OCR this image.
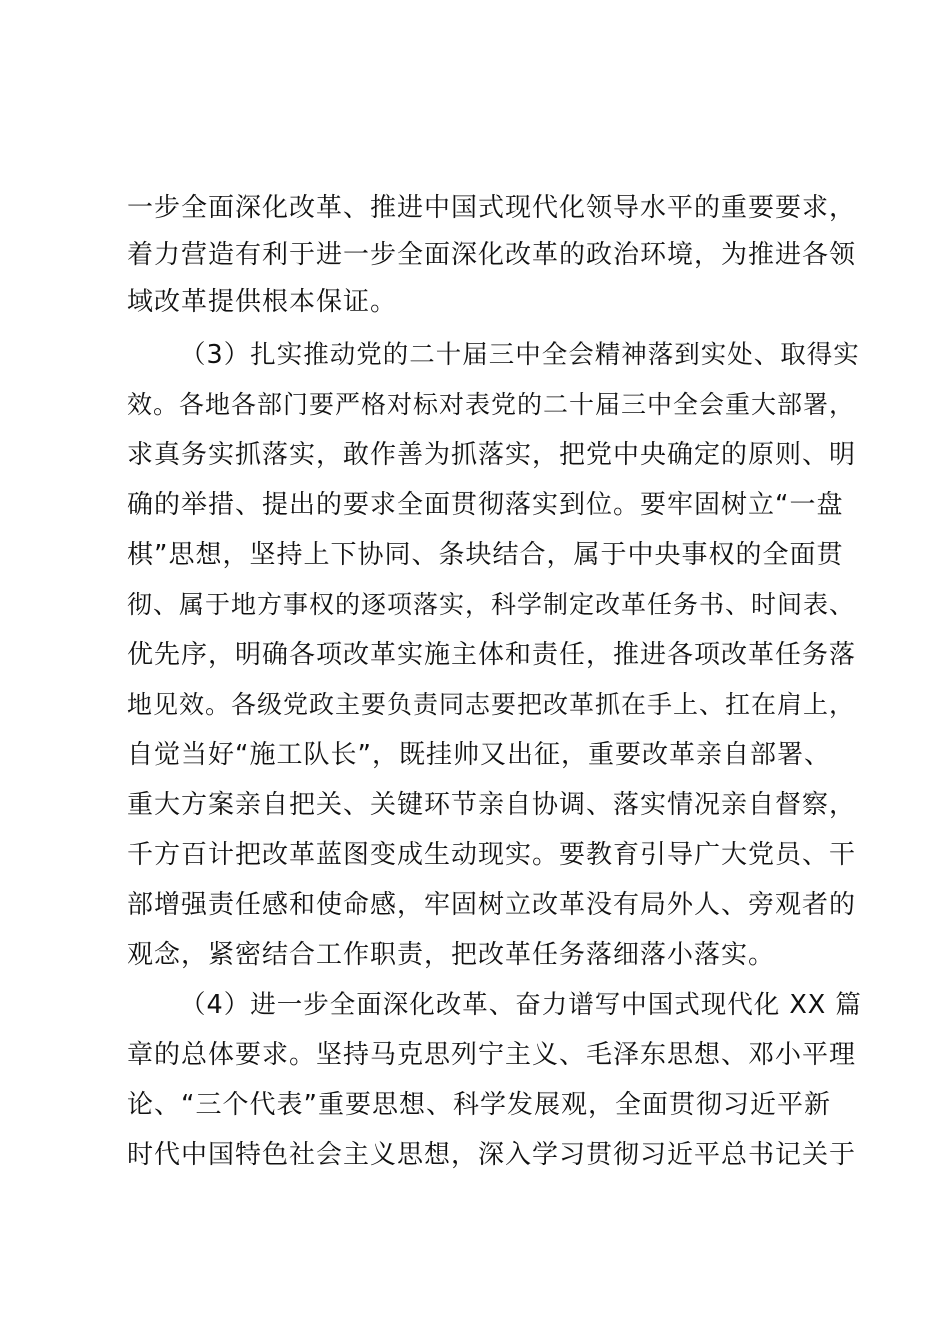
一步全面深化改革、推进中国式现代化领导水平的重要要求，
着力营造有利于进一步全面深化改革的政治环境，为推进各领
域改革提供根本保证。
（3）扎实推动党的二十届三中全会精神落到实处、取得实
效。各地各部门要严格对标对表党的二十届三中全会重大部署，
求真务实抓落实，敢作善为抓落实，把党中央确定的原则、明
确的举措、提出的要求全面贯彻落实到位。要牢固树立“一盘
棋”思想，坚持上下协同、条块结合，属于中央事权的全面贯
彻、属于地方事权的逐项落实，科学制定改革任务书、时间表、
优先序，明确各项改革实施主体和责任，推进各项改革任务落
地见效。各级党政主要负责同志要把改革抓在手上、扛在肩上，
自觉当好“施工队长”，既挂帅又出征，重要改革亲自部署、
重大方案亲自把关、关键环节亲自协调、落实情况亲自督察，
千方百计把改革蓝图变成生动现实。要教育引导广大党员、干
部增强责任感和使命感，牢固树立改革没有局外人、旁观者的
观念，紧密结合工作职责，把改革任务落细落小落实。
（4）进一步全面深化改革、奋力谱写中国式现代化 XX 篇
章的总体要求。坚持马克思列宁主义、毛泽东思想、邓小平理
论、“三个代表”重要思想、科学发展观，全面贯彻习近平新
时代中国特色社会主义思想，深入学习贯彻习近平总书记关于
